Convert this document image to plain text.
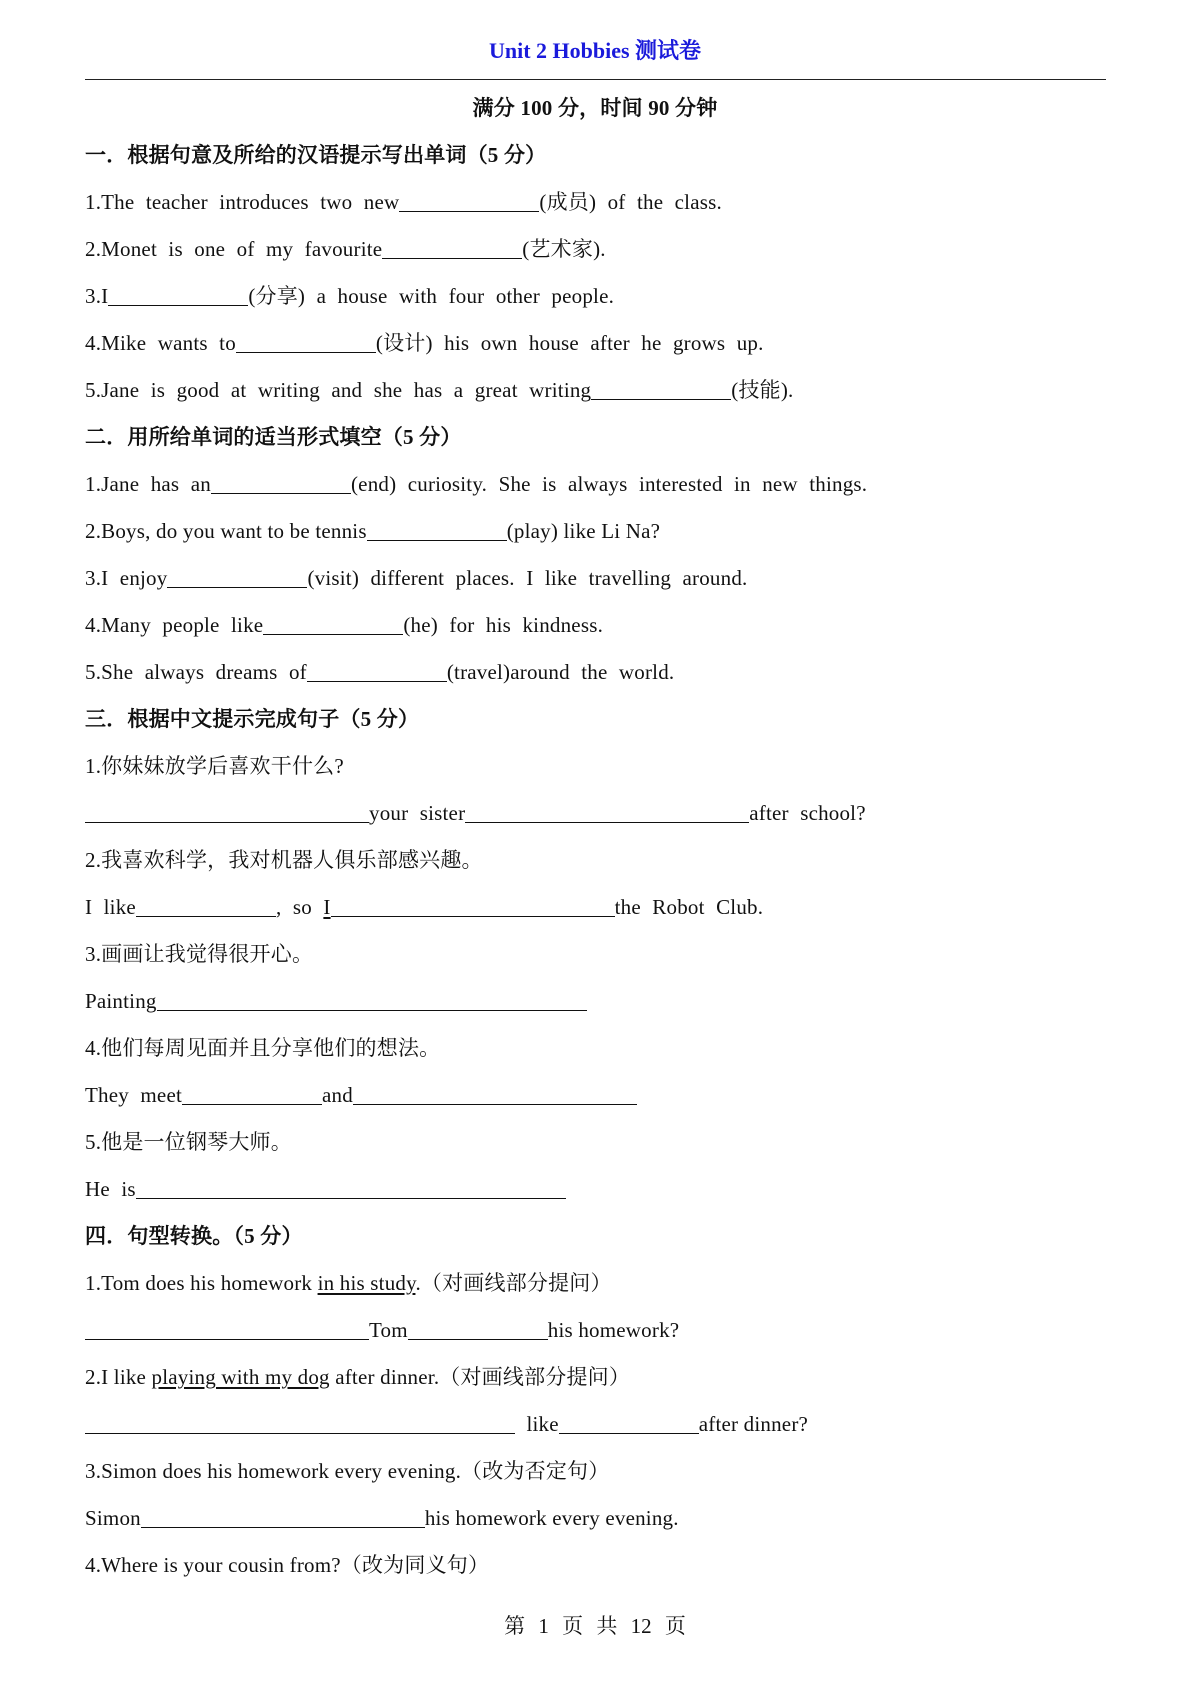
Unit 2 Hobbies 测试卷
满分 100 分，时间 90 分钟
一．根据句意及所给的汉语提示写出单词（5 分）
1.The teacher introduces two new	(成员) of the class.
2.Monet is one of my favourite	(艺术家).
3.I	(分享) a house with four other people.
4.Mike wants to	(设计) his own house after he grows up.
5.Jane is good at writing and she has a great writing	(技能).
二．用所给单词的适当形式填空（5 分）
1.Jane has an	(end) curiosity. She is always interested in new things.
2.Boys, do you want to be tennis	(play) like Li Na?
3.I enjoy	(visit) different places. I like travelling around.
4.Many people like	(he) for his kindness.
5.She always dreams of	(travel)around the world.
三．根据中文提示完成句子（5 分）
1.你妹妹放学后喜欢干什么?
your sister	after school?
2.我喜欢科学，我对机器人俱乐部感兴趣。
I like	, so I	the Robot Club.
3.画画让我觉得很开心。
Painting
4.他们每周见面并且分享他们的想法。
They meet	and
5.他是一位钢琴大师。
He is
四．句型转换。（5 分）
1.Tom does his homework in his study.（对画线部分提问）
Tom	his homework?
2.I like playing with my dog after dinner.（对画线部分提问）
like	after dinner?
3.Simon does his homework every evening.（改为否定句）
Simon	his homework every evening.
4.Where is your cousin from?（改为同义句）
第 1 页 共 12 页
